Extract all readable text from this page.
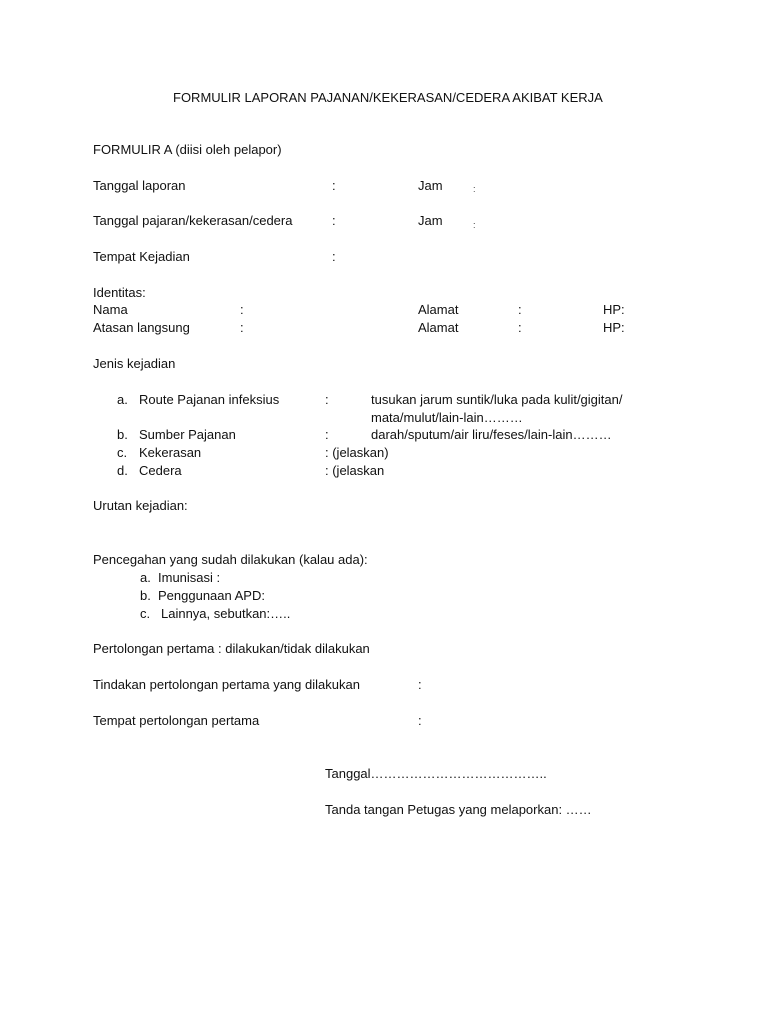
FORMULIR LAPORAN PAJANAN/KEKERASAN/CEDERA AKIBAT KERJA
FORMULIR A (diisi oleh pelapor)
Tanggal laporan	:	Jam	:
Tanggal pajaran/kekerasan/cedera	:	Jam	:
Tempat Kejadian	:
Identitas:
Nama	:	Alamat	:	HP:
Atasan langsung	:	Alamat	:	HP:
Jenis kejadian
a. Route Pajanan infeksius	:	tusukan jarum suntik/luka pada kulit/gigitan/
mata/mulut/lain-lain………
b. Sumber Pajanan	:	darah/sputum/air liru/feses/lain-lain………
c. Kekerasan	: (jelaskan)
d. Cedera	: (jelaskan
Urutan kejadian:
Pencegahan yang sudah dilakukan (kalau ada):
a. Imunisasi :
b. Penggunaan APD:
c. Lainnya, sebutkan:…..
Pertolongan pertama : dilakukan/tidak dilakukan
Tindakan pertolongan pertama yang dilakukan	:
Tempat pertolongan pertama	:
Tanggal…………………………………..
Tanda tangan Petugas yang melaporkan: ……
